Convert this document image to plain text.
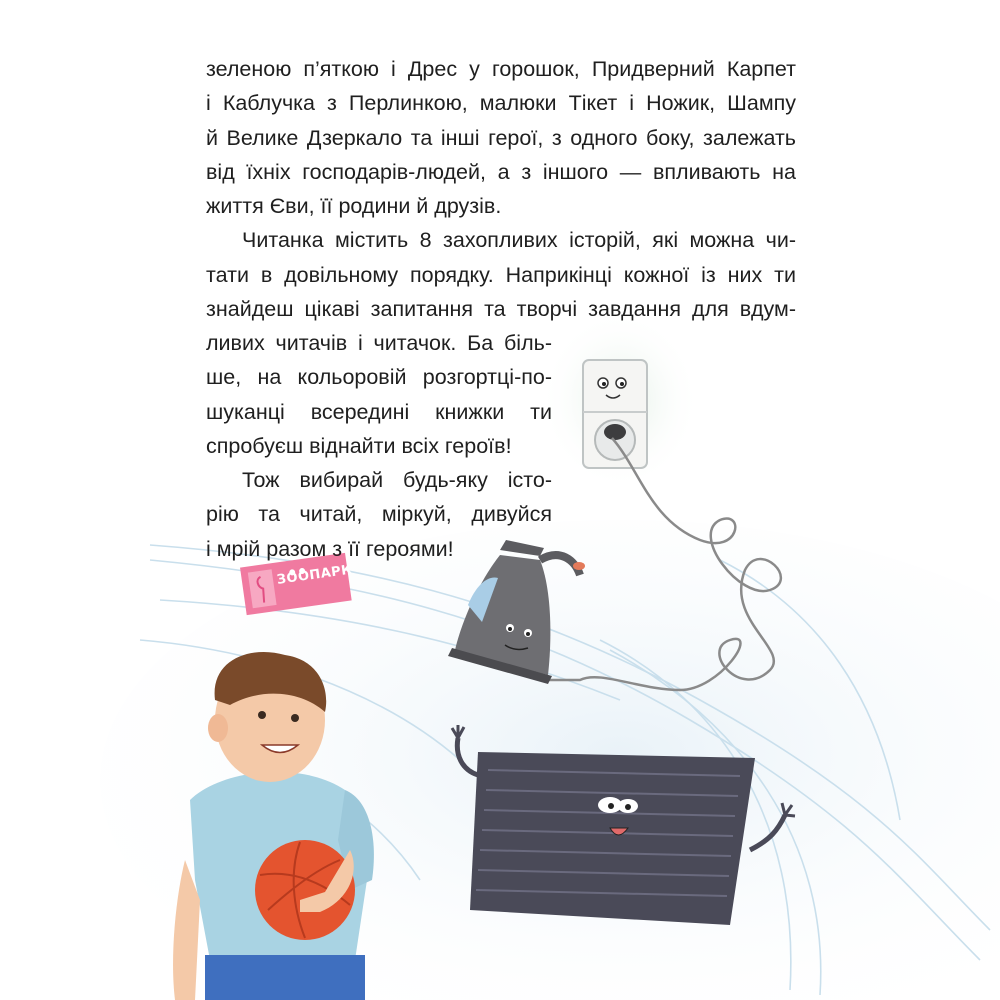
ЗООПАРК
зеленою п’яткою і Дрес у горошок, Придверний Карпет
і Каблучка з Перлинкою, малюки Тікет і Ножик, Шампу
й Велике Дзеркало та інші герої, з одного боку, залежать
від їхніх господарів-людей, а з іншого — впливають на
життя Єви, її родини й друзів.
Читанка містить 8 захопливих історій, які можна чи-
тати в довільному порядку. Наприкінці кожної із них ти
знайдеш цікаві запитання та творчі завдання для вдум-
ливих читачів і читачок. Ба біль-
ше, на кольоровій розгортці-по-
шуканці всередині книжки ти
спробуєш віднайти всіх героїв!
Тож вибирай будь-яку істо-
рію та читай, міркуй, дивуйся
і мрій разом з її героями!
